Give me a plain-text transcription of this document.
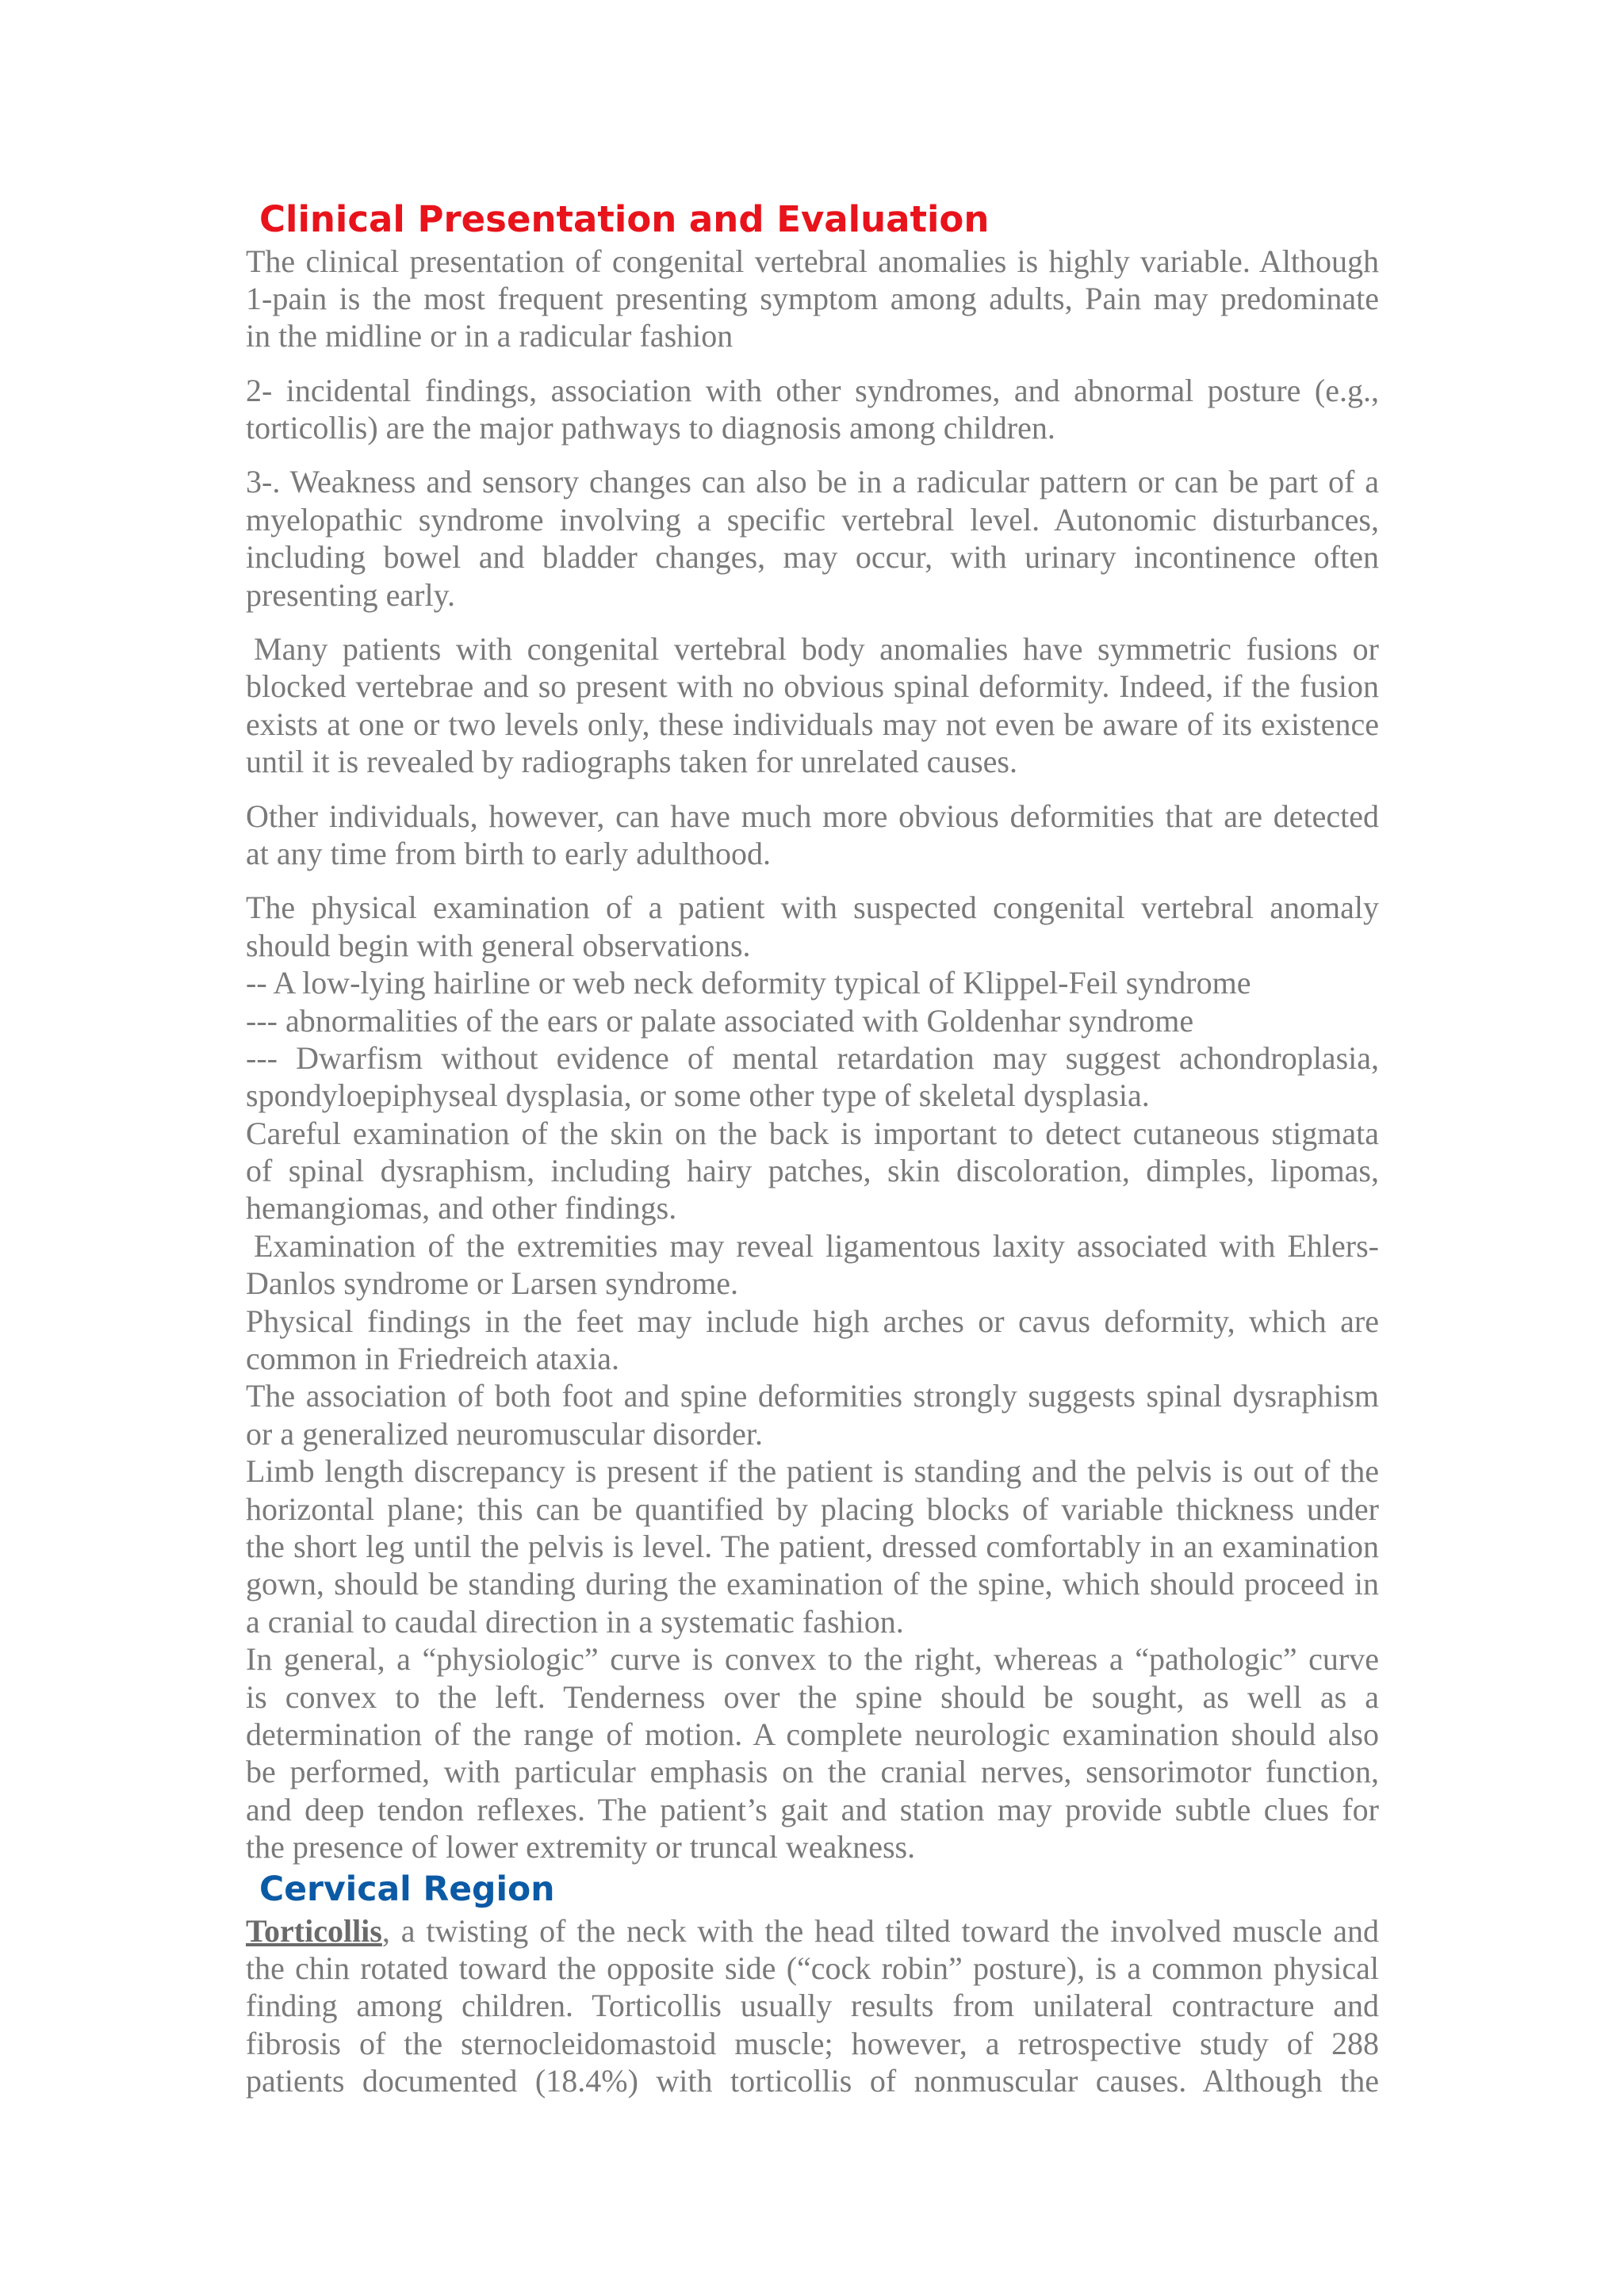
Clinical Presentation and Evaluation
The clinical presentation of congenital vertebral anomalies is highly variable. Although
1-pain is the most frequent presenting symptom among adults, Pain may predominate
in the midline or in a radicular fashion
2- incidental findings, association with other syndromes, and abnormal posture (e.g.,
torticollis) are the major pathways to diagnosis among children.
3-. Weakness and sensory changes can also be in a radicular pattern or can be part of a
myelopathic syndrome involving a specific vertebral level. Autonomic disturbances,
including bowel and bladder changes, may occur, with urinary incontinence often
presenting early.
Many patients with congenital vertebral body anomalies have symmetric fusions or
blocked vertebrae and so present with no obvious spinal deformity. Indeed, if the fusion
exists at one or two levels only, these individuals may not even be aware of its existence
until it is revealed by radiographs taken for unrelated causes.
Other individuals, however, can have much more obvious deformities that are detected
at any time from birth to early adulthood.
The physical examination of a patient with suspected congenital vertebral anomaly
should begin with general observations.
-- A low-lying hairline or web neck deformity typical of Klippel-Feil syndrome
--- abnormalities of the ears or palate associated with Goldenhar syndrome
--- Dwarfism without evidence of mental retardation may suggest achondroplasia,
spondyloepiphyseal dysplasia, or some other type of skeletal dysplasia.
Careful examination of the skin on the back is important to detect cutaneous stigmata
of spinal dysraphism, including hairy patches, skin discoloration, dimples, lipomas,
hemangiomas, and other findings.
Examination of the extremities may reveal ligamentous laxity associated with Ehlers-
Danlos syndrome or Larsen syndrome.
Physical findings in the feet may include high arches or cavus deformity, which are
common in Friedreich ataxia.
The association of both foot and spine deformities strongly suggests spinal dysraphism
or a generalized neuromuscular disorder.
Limb length discrepancy is present if the patient is standing and the pelvis is out of the
horizontal plane; this can be quantified by placing blocks of variable thickness under
the short leg until the pelvis is level. The patient, dressed comfortably in an examination
gown, should be standing during the examination of the spine, which should proceed in
a cranial to caudal direction in a systematic fashion.
In general, a “physiologic” curve is convex to the right, whereas a “pathologic” curve
is convex to the left. Tenderness over the spine should be sought, as well as a
determination of the range of motion. A complete neurologic examination should also
be performed, with particular emphasis on the cranial nerves, sensorimotor function,
and deep tendon reflexes. The patient’s gait and station may provide subtle clues for
the presence of lower extremity or truncal weakness.
Cervical Region
Torticollis, a twisting of the neck with the head tilted toward the involved muscle and
the chin rotated toward the opposite side (“cock robin” posture), is a common physical
finding among children. Torticollis usually results from unilateral contracture and
fibrosis of the sternocleidomastoid muscle; however, a retrospective study of 288
patients documented (18.4%) with torticollis of nonmuscular causes. Although the
